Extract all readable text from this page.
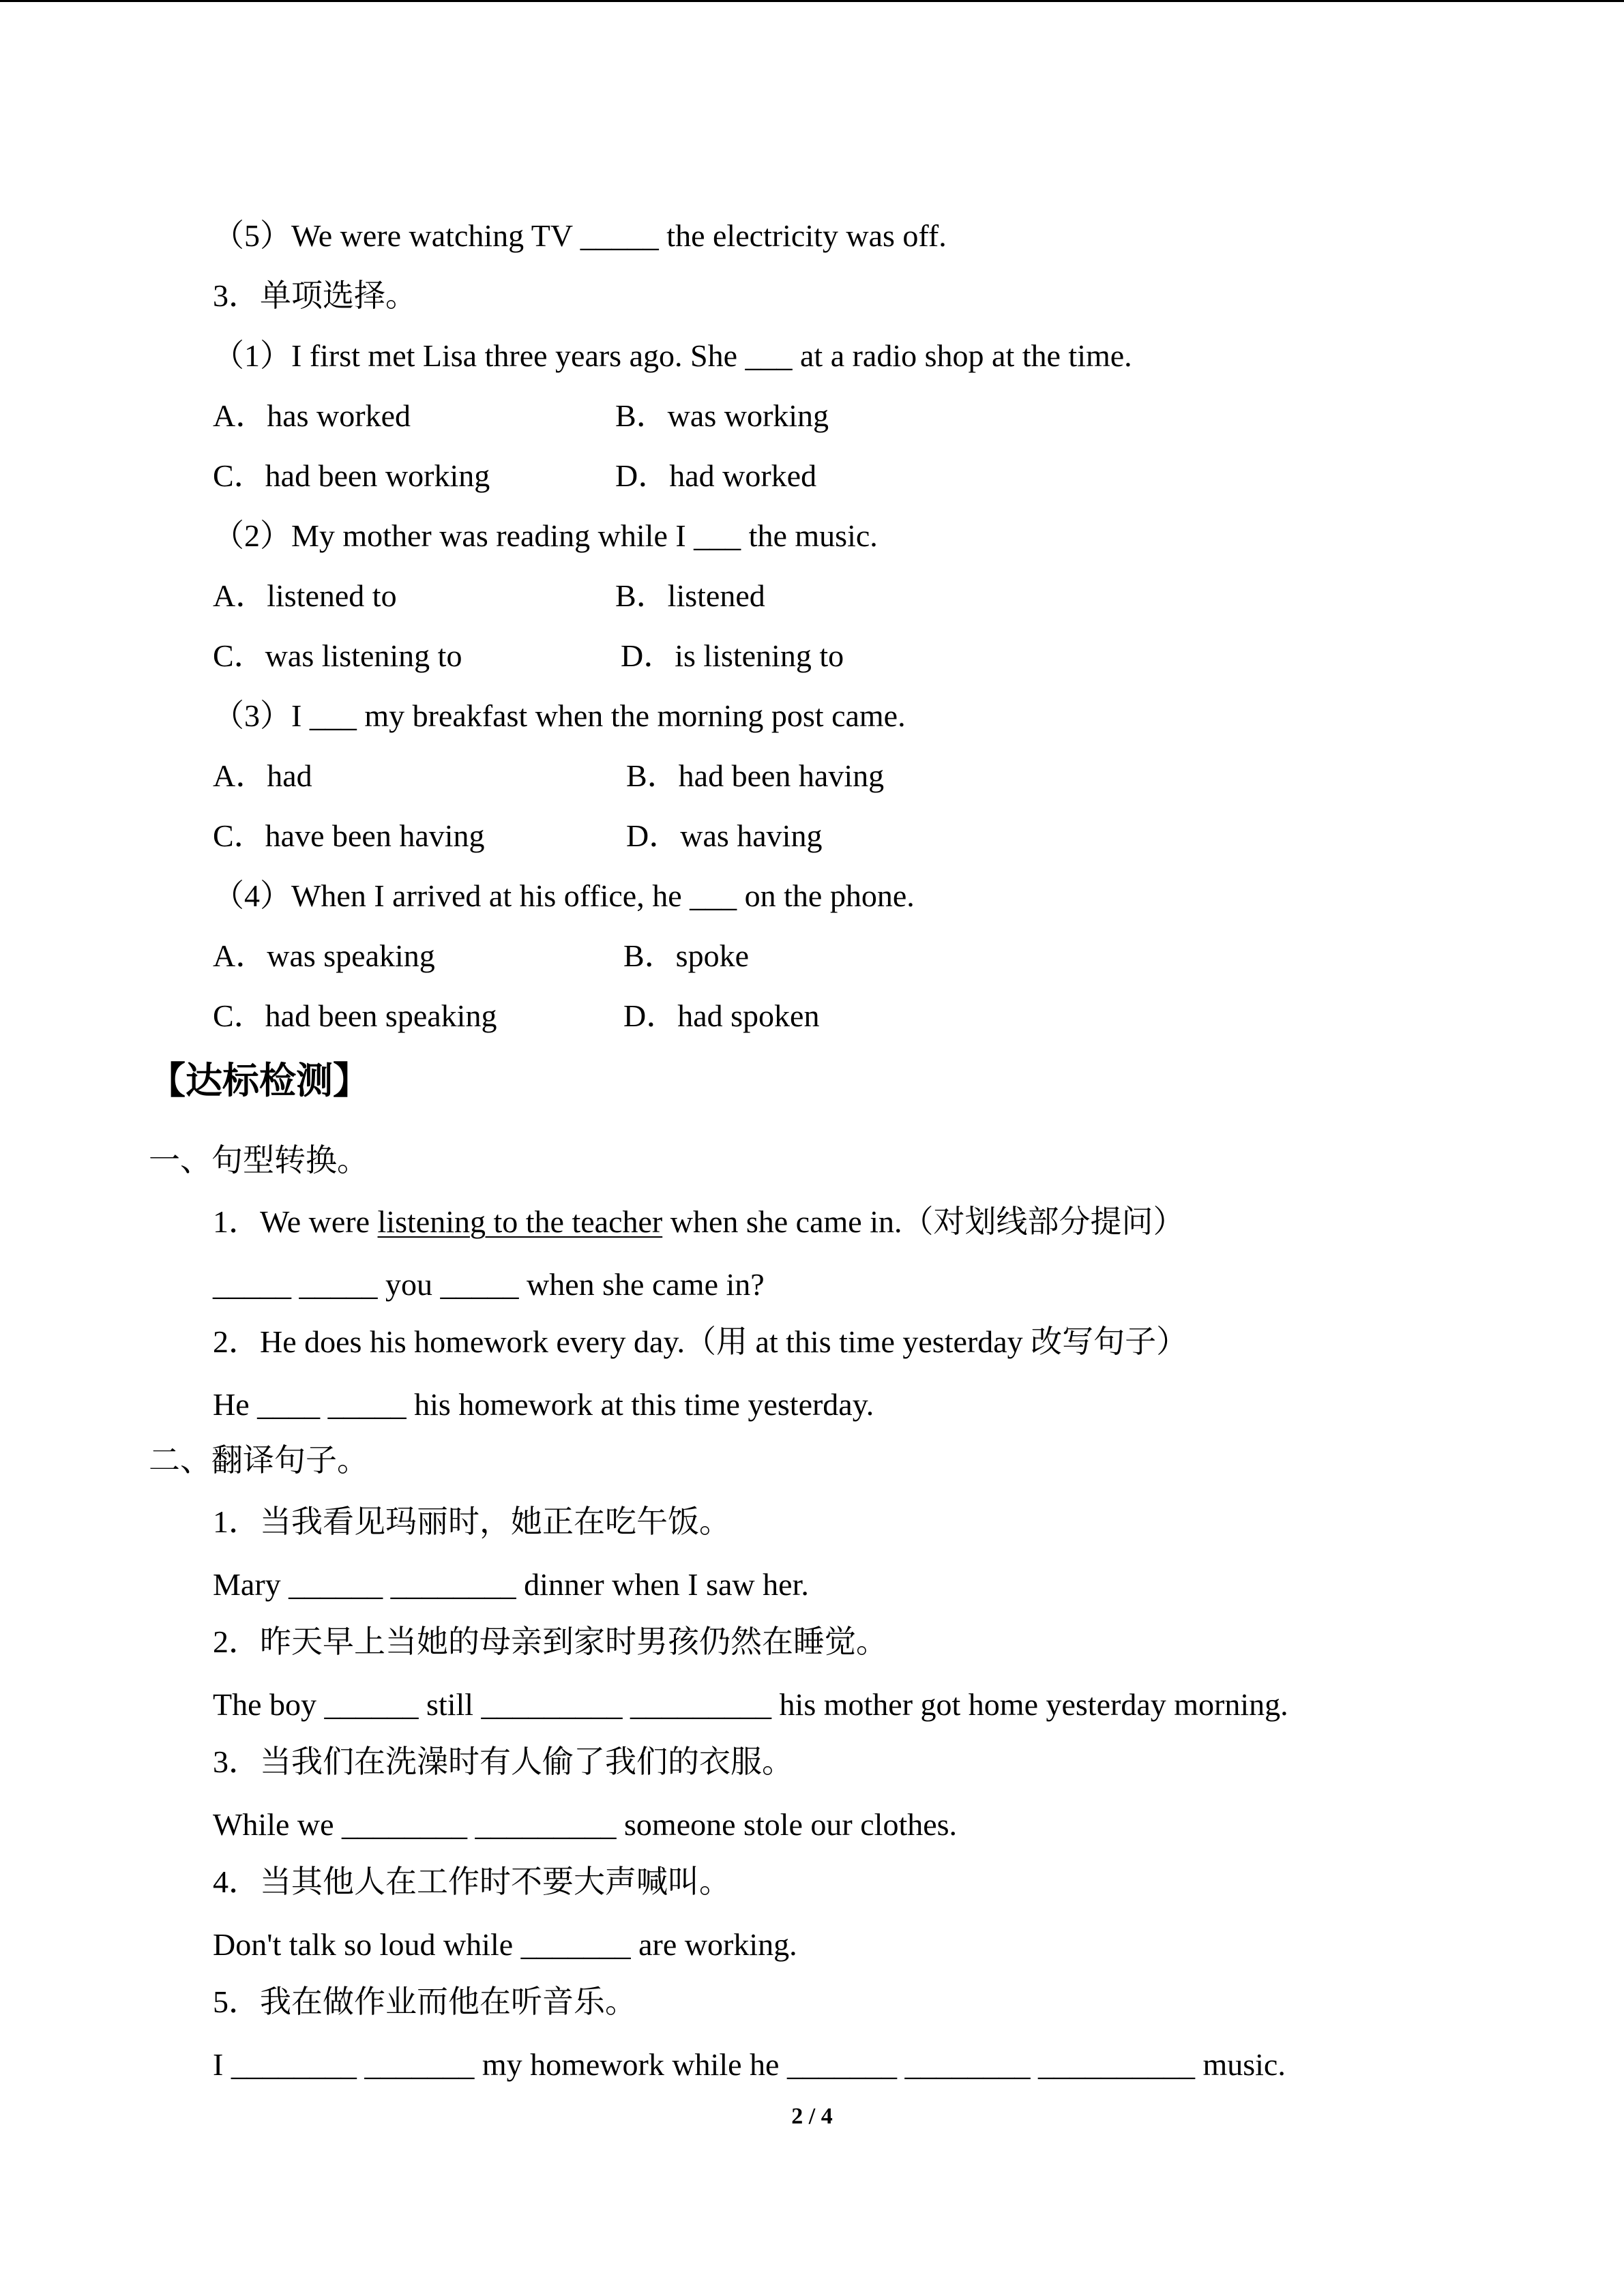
（5）We were watching TV _____ the electricity was off.
3．单项选择。
（1）I first met Lisa three years ago. She ___ at a radio shop at the time.
A．has worked	B．was working
C．had been working	D．had worked
（2）My mother was reading while I ___ the music.
A．listened to	B．listened
C．was listening to	D．is listening to
（3）I ___ my breakfast when the morning post came.
A．had	B．had been having
C．have been having	D．was having
（4）When I arrived at his office, he ___ on the phone.
A．was speaking	B．spoke
C．had been speaking	D．had spoken
【达标检测】
一、句型转换。
1．We were listening to the teacher when she came in.（对划线部分提问）
_____ _____ you _____ when she came in?
2．He does his homework every day.（用 at this time yesterday 改写句子）
He ____ _____ his homework at this time yesterday.
二、翻译句子。
1．当我看见玛丽时，她正在吃午饭。
Mary ______ ________ dinner when I saw her.
2．昨天早上当她的母亲到家时男孩仍然在睡觉。
The boy ______ still _________ _________ his mother got home yesterday morning.
3．当我们在洗澡时有人偷了我们的衣服。
While we ________ _________ someone stole our clothes.
4．当其他人在工作时不要大声喊叫。
Don't talk so loud while _______ are working.
5．我在做作业而他在听音乐。
I ________ _______ my homework while he _______ ________ __________ music.
2 / 4
